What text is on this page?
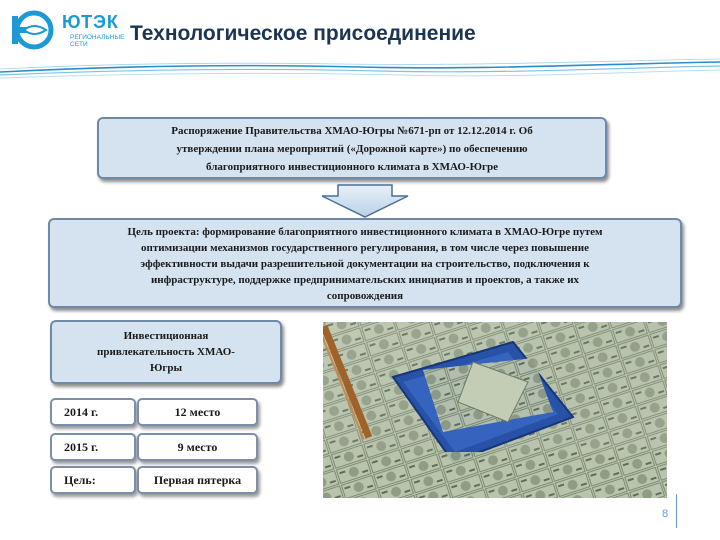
ЮТЭК
РЕГИОНАЛЬНЫЕ СЕТИ	Технологическое присоединение
Распоряжение Правительства ХМАО-Югры №671-рп от 12.12.2014 г. Об
утверждении плана мероприятий («Дорожной карте») по обеспечению
благоприятного инвестиционного климата в ХМАО-Югре
Цель проекта: формирование благоприятного инвестиционного климата в ХМАО-Югре путем
оптимизации механизмов государственного регулирования, в том числе через повышение
эффективности выдачи разрешительной документации на строительство, подключения к
инфраструктуре, поддержке предпринимательских инициатив и проектов, а также их
сопровождения
Инвестиционная
привлекательность ХМАО-
Югры
2014 г.	12 место
2015 г.	9 место
Цель:	Первая пятерка
8
